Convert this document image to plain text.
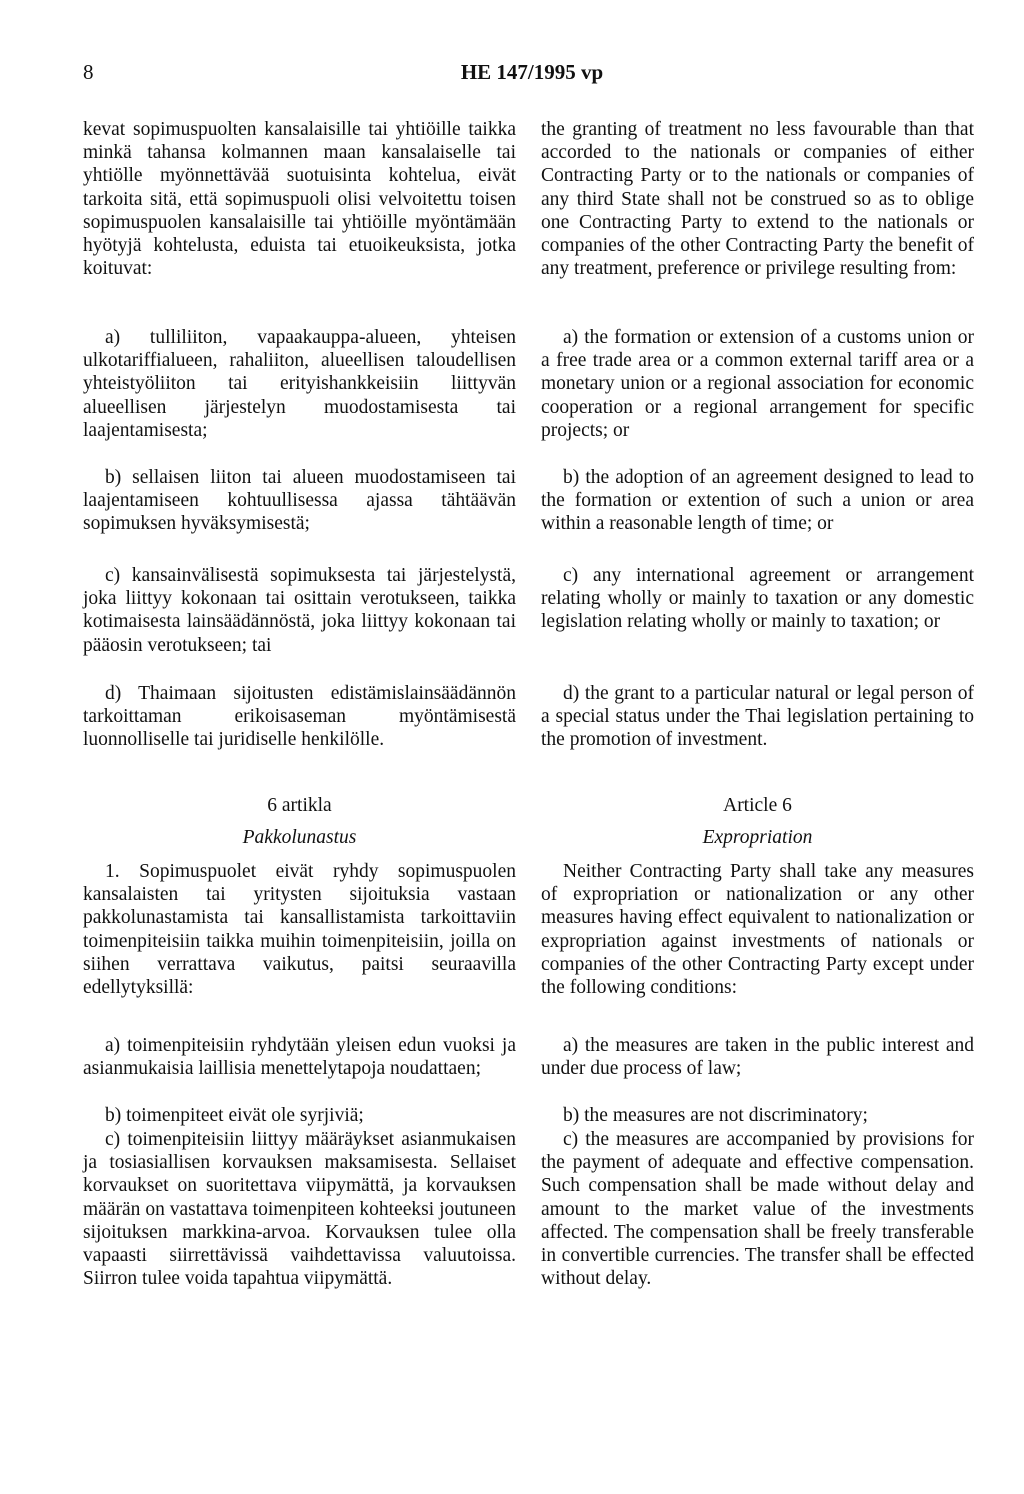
8	HE 147/1995 vp

kevat sopimuspuolten kansalaisille tai yhtiöille taikka minkä tahansa kolmannen maan kansalaiselle tai yhtiölle myönnettävää suotuisinta kohtelua, eivät tarkoita sitä, että sopimuspuoli olisi velvoitettu toisen sopimuspuolen kansalaisille tai yhtiöille myöntämään hyötyjä kohtelusta, eduista tai etuoikeuksista, jotka koituvat:

a) tulliliiton, vapaakauppa-alueen, yhteisen ulkotariffialueen, rahaliiton, alueellisen taloudellisen yhteistyöliiton tai erityishankkeisiin liittyvän alueellisen järjestelyn muodostamisesta tai laajentamisesta;

b) sellaisen liiton tai alueen muodostamiseen tai laajentamiseen kohtuullisessa ajassa tähtäävän sopimuksen hyväksymisestä;

c) kansainvälisestä sopimuksesta tai järjestelystä, joka liittyy kokonaan tai osittain verotukseen, taikka kotimaisesta lainsäädännöstä, joka liittyy kokonaan tai pääosin verotukseen; tai

d) Thaimaan sijoitusten edistämislainsäädännön tarkoittaman erikoisaseman myöntämisestä luonnolliselle tai juridiselle henkilölle.

6 artikla

Pakkolunastus

1. Sopimuspuolet eivät ryhdy sopimuspuolen kansalaisten tai yritysten sijoituksia vastaan pakkolunastamista tai kansallistamista tarkoittaviin toimenpiteisiin taikka muihin toimenpiteisiin, joilla on siihen verrattava vaikutus, paitsi seuraavilla edellytyksillä:

a) toimenpiteisiin ryhdytään yleisen edun vuoksi ja asianmukaisia laillisia menettelytapoja noudattaen;

b) toimenpiteet eivät ole syrjiviä;

c) toimenpiteisiin liittyy määräykset asianmukaisen ja tosiasiallisen korvauksen maksamisesta. Sellaiset korvaukset on suoritettava viipymättä, ja korvauksen määrän on vastattava toimenpiteen kohteeksi joutuneen sijoituksen markkina-arvoa. Korvauksen tulee olla vapaasti siirrettävissä vaihdettavissa valuutoissa. Siirron tulee voida tapahtua viipymättä.

the granting of treatment no less favourable than that accorded to the nationals or companies of either Contracting Party or to the nationals or companies of any third State shall not be construed so as to oblige one Contracting Party to extend to the nationals or companies of the other Contracting Party the benefit of any treatment, preference or privilege resulting from:

a) the formation or extension of a customs union or a free trade area or a common external tariff area or a monetary union or a regional association for economic cooperation or a regional arrangement for specific projects; or

b) the adoption of an agreement designed to lead to the formation or extention of such a union or area within a reasonable length of time; or

c) any international agreement or arrangement relating wholly or mainly to taxation or any domestic legislation relating wholly or mainly to taxation; or

d) the grant to a particular natural or legal person of a special status under the Thai legislation pertaining to the promotion of investment.

Article 6

Expropriation

Neither Contracting Party shall take any measures of expropriation or nationalization or any other measures having effect equivalent to nationalization or expropriation against investments of nationals or companies of the other Contracting Party except under the following conditions:

a) the measures are taken in the public interest and under due process of law;

b) the measures are not discriminatory;

c) the measures are accompanied by provisions for the payment of adequate and effective compensation. Such compensation shall be made without delay and amount to the market value of the investments affected. The compensation shall be freely transferable in convertible currencies. The transfer shall be effected without delay.
